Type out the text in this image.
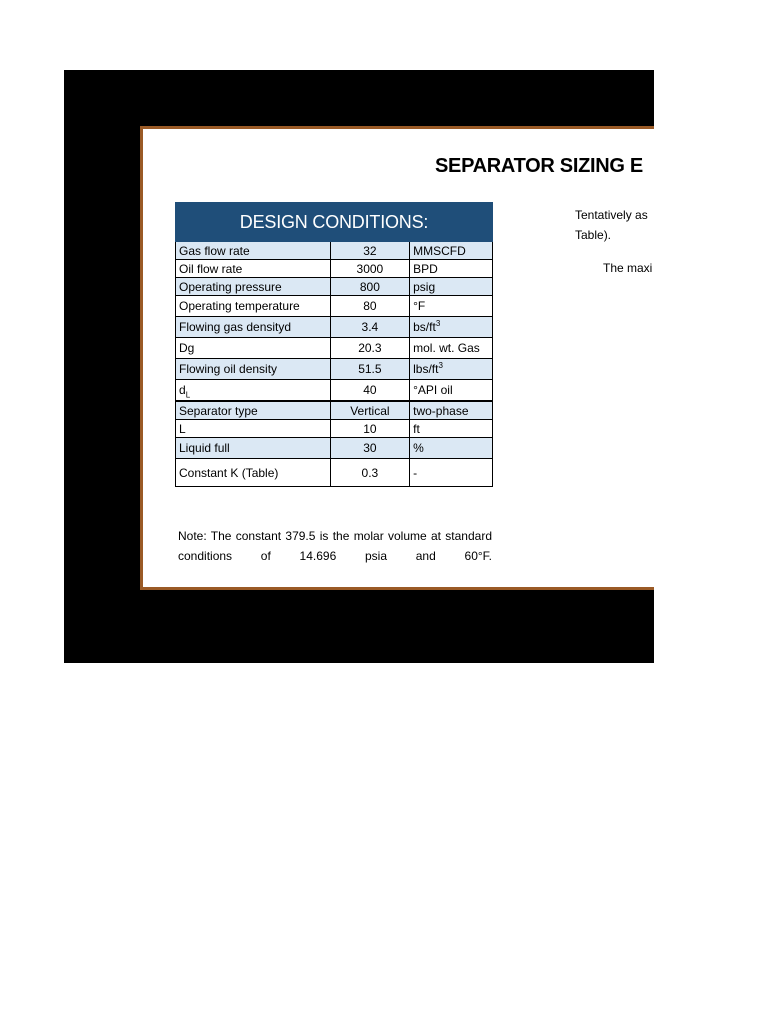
SEPARATOR SIZING E
DESIGN CONDITIONS:		
Gas flow rate	32	MMSCFD
Oil flow rate	3000	BPD
Operating pressure	800	psig
Operating temperature	80	°F
Flowing gas densityd	3.4	$bs/ft^3$
Dg	20.3	mol. wt. Gas
Flowing oil density	51.5	lbs/$ft^3$
$d_L$	40	°API oil
Separator type	Vertical	two-phase
L	10	ft
Liquid full	30	%
Constant K (Table)	0.3	-
Note: The constant 379.5 is the molar volume at standard conditions of 14.696 psia and 60°F.
Tentatively as
Table).
The maxi
